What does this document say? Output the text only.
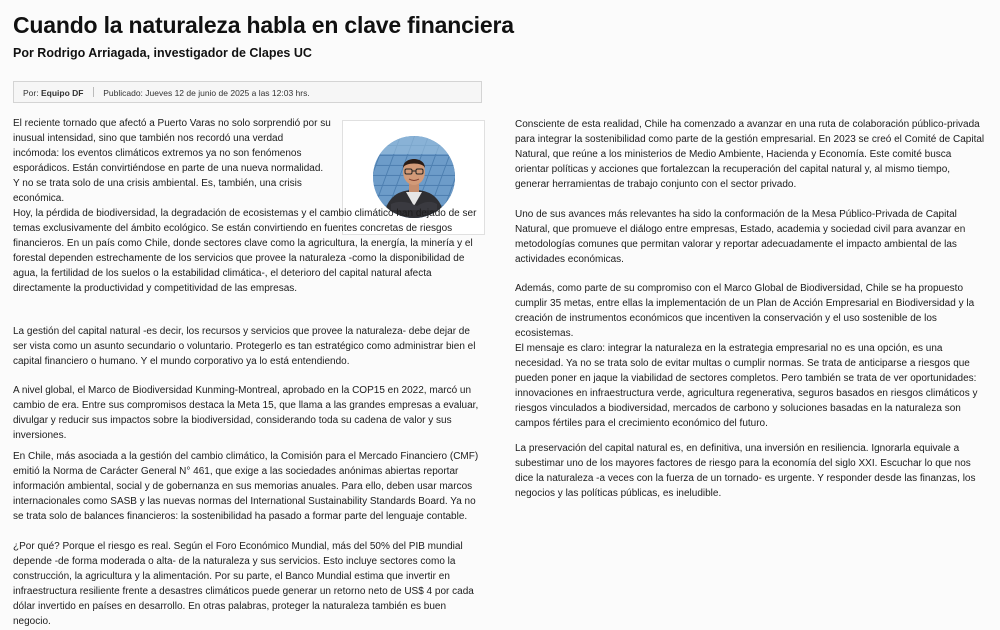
Cuando la naturaleza habla en clave financiera
Por Rodrigo Arriagada, investigador de Clapes UC
Por: Equipo DF Publicado: Jueves 12 de junio de 2025 a las 12:03 hrs.

El reciente tornado que afectó a Puerto Varas no solo sorprendió por su inusual intensidad, sino que también nos recordó una verdad incómoda: los eventos climáticos extremos ya no son fenómenos esporádicos. Están convirtiéndose en parte de una nueva normalidad. Y no se trata solo de una crisis ambiental. Es, también, una crisis económica.

Hoy, la pérdida de biodiversidad, la degradación de ecosistemas y el cambio climático han dejado de ser temas exclusivamente del ámbito ecológico. Se están convirtiendo en fuentes concretas de riesgos financieros. En un país como Chile, donde sectores clave como la agricultura, la energía, la minería y el forestal dependen estrechamente de los servicios que provee la naturaleza -como la disponibilidad de agua, la fertilidad de los suelos o la estabilidad climática-, el deterioro del capital natural afecta directamente la productividad y competitividad de las empresas.

La gestión del capital natural -es decir, los recursos y servicios que provee la naturaleza- debe dejar de ser vista como un asunto secundario o voluntario. Protegerlo es tan estratégico como administrar bien el capital financiero o humano. Y el mundo corporativo ya lo está entendiendo.

A nivel global, el Marco de Biodiversidad Kunming-Montreal, aprobado en la COP15 en 2022, marcó un cambio de era. Entre sus compromisos destaca la Meta 15, que llama a las grandes empresas a evaluar, divulgar y reducir sus impactos sobre la biodiversidad, considerando toda su cadena de valor y sus inversiones.

En Chile, más asociada a la gestión del cambio climático, la Comisión para el Mercado Financiero (CMF) emitió la Norma de Carácter General N° 461, que exige a las sociedades anónimas abiertas reportar información ambiental, social y de gobernanza en sus memorias anuales. Para ello, deben usar marcos internacionales como SASB y las nuevas normas del International Sustainability Standards Board. Ya no se trata solo de balances financieros: la sostenibilidad ha pasado a formar parte del lenguaje contable.

¿Por qué? Porque el riesgo es real. Según el Foro Económico Mundial, más del 50% del PIB mundial depende -de forma moderada o alta- de la naturaleza y sus servicios. Esto incluye sectores como la construcción, la agricultura y la alimentación. Por su parte, el Banco Mundial estima que invertir en infraestructura resiliente frente a desastres climáticos puede generar un retorno neto de US$ 4 por cada dólar invertido en países en desarrollo. En otras palabras, proteger la naturaleza también es buen negocio.

Consciente de esta realidad, Chile ha comenzado a avanzar en una ruta de colaboración público-privada para integrar la sostenibilidad como parte de la gestión empresarial. En 2023 se creó el Comité de Capital Natural, que reúne a los ministerios de Medio Ambiente, Hacienda y Economía. Este comité busca orientar políticas y acciones que fortalezcan la recuperación del capital natural y, al mismo tiempo, generar herramientas de trabajo conjunto con el sector privado.

Uno de sus avances más relevantes ha sido la conformación de la Mesa Público-Privada de Capital Natural, que promueve el diálogo entre empresas, Estado, academia y sociedad civil para avanzar en metodologías comunes que permitan valorar y reportar adecuadamente el impacto ambiental de las actividades económicas.

Además, como parte de su compromiso con el Marco Global de Biodiversidad, Chile se ha propuesto cumplir 35 metas, entre ellas la implementación de un Plan de Acción Empresarial en Biodiversidad y la creación de instrumentos económicos que incentiven la conservación y el uso sostenible de los ecosistemas.

El mensaje es claro: integrar la naturaleza en la estrategia empresarial no es una opción, es una necesidad. Ya no se trata solo de evitar multas o cumplir normas. Se trata de anticiparse a riesgos que pueden poner en jaque la viabilidad de sectores completos. Pero también se trata de ver oportunidades: innovaciones en infraestructura verde, agricultura regenerativa, seguros basados en riesgos climáticos y riesgos vinculados a biodiversidad, mercados de carbono y soluciones basadas en la naturaleza son campos fértiles para el crecimiento económico del futuro.

La preservación del capital natural es, en definitiva, una inversión en resiliencia. Ignorarla equivale a subestimar uno de los mayores factores de riesgo para la economía del siglo XXI. Escuchar lo que nos dice la naturaleza -a veces con la fuerza de un tornado- es urgente. Y responder desde las finanzas, los negocios y las políticas públicas, es ineludible.
